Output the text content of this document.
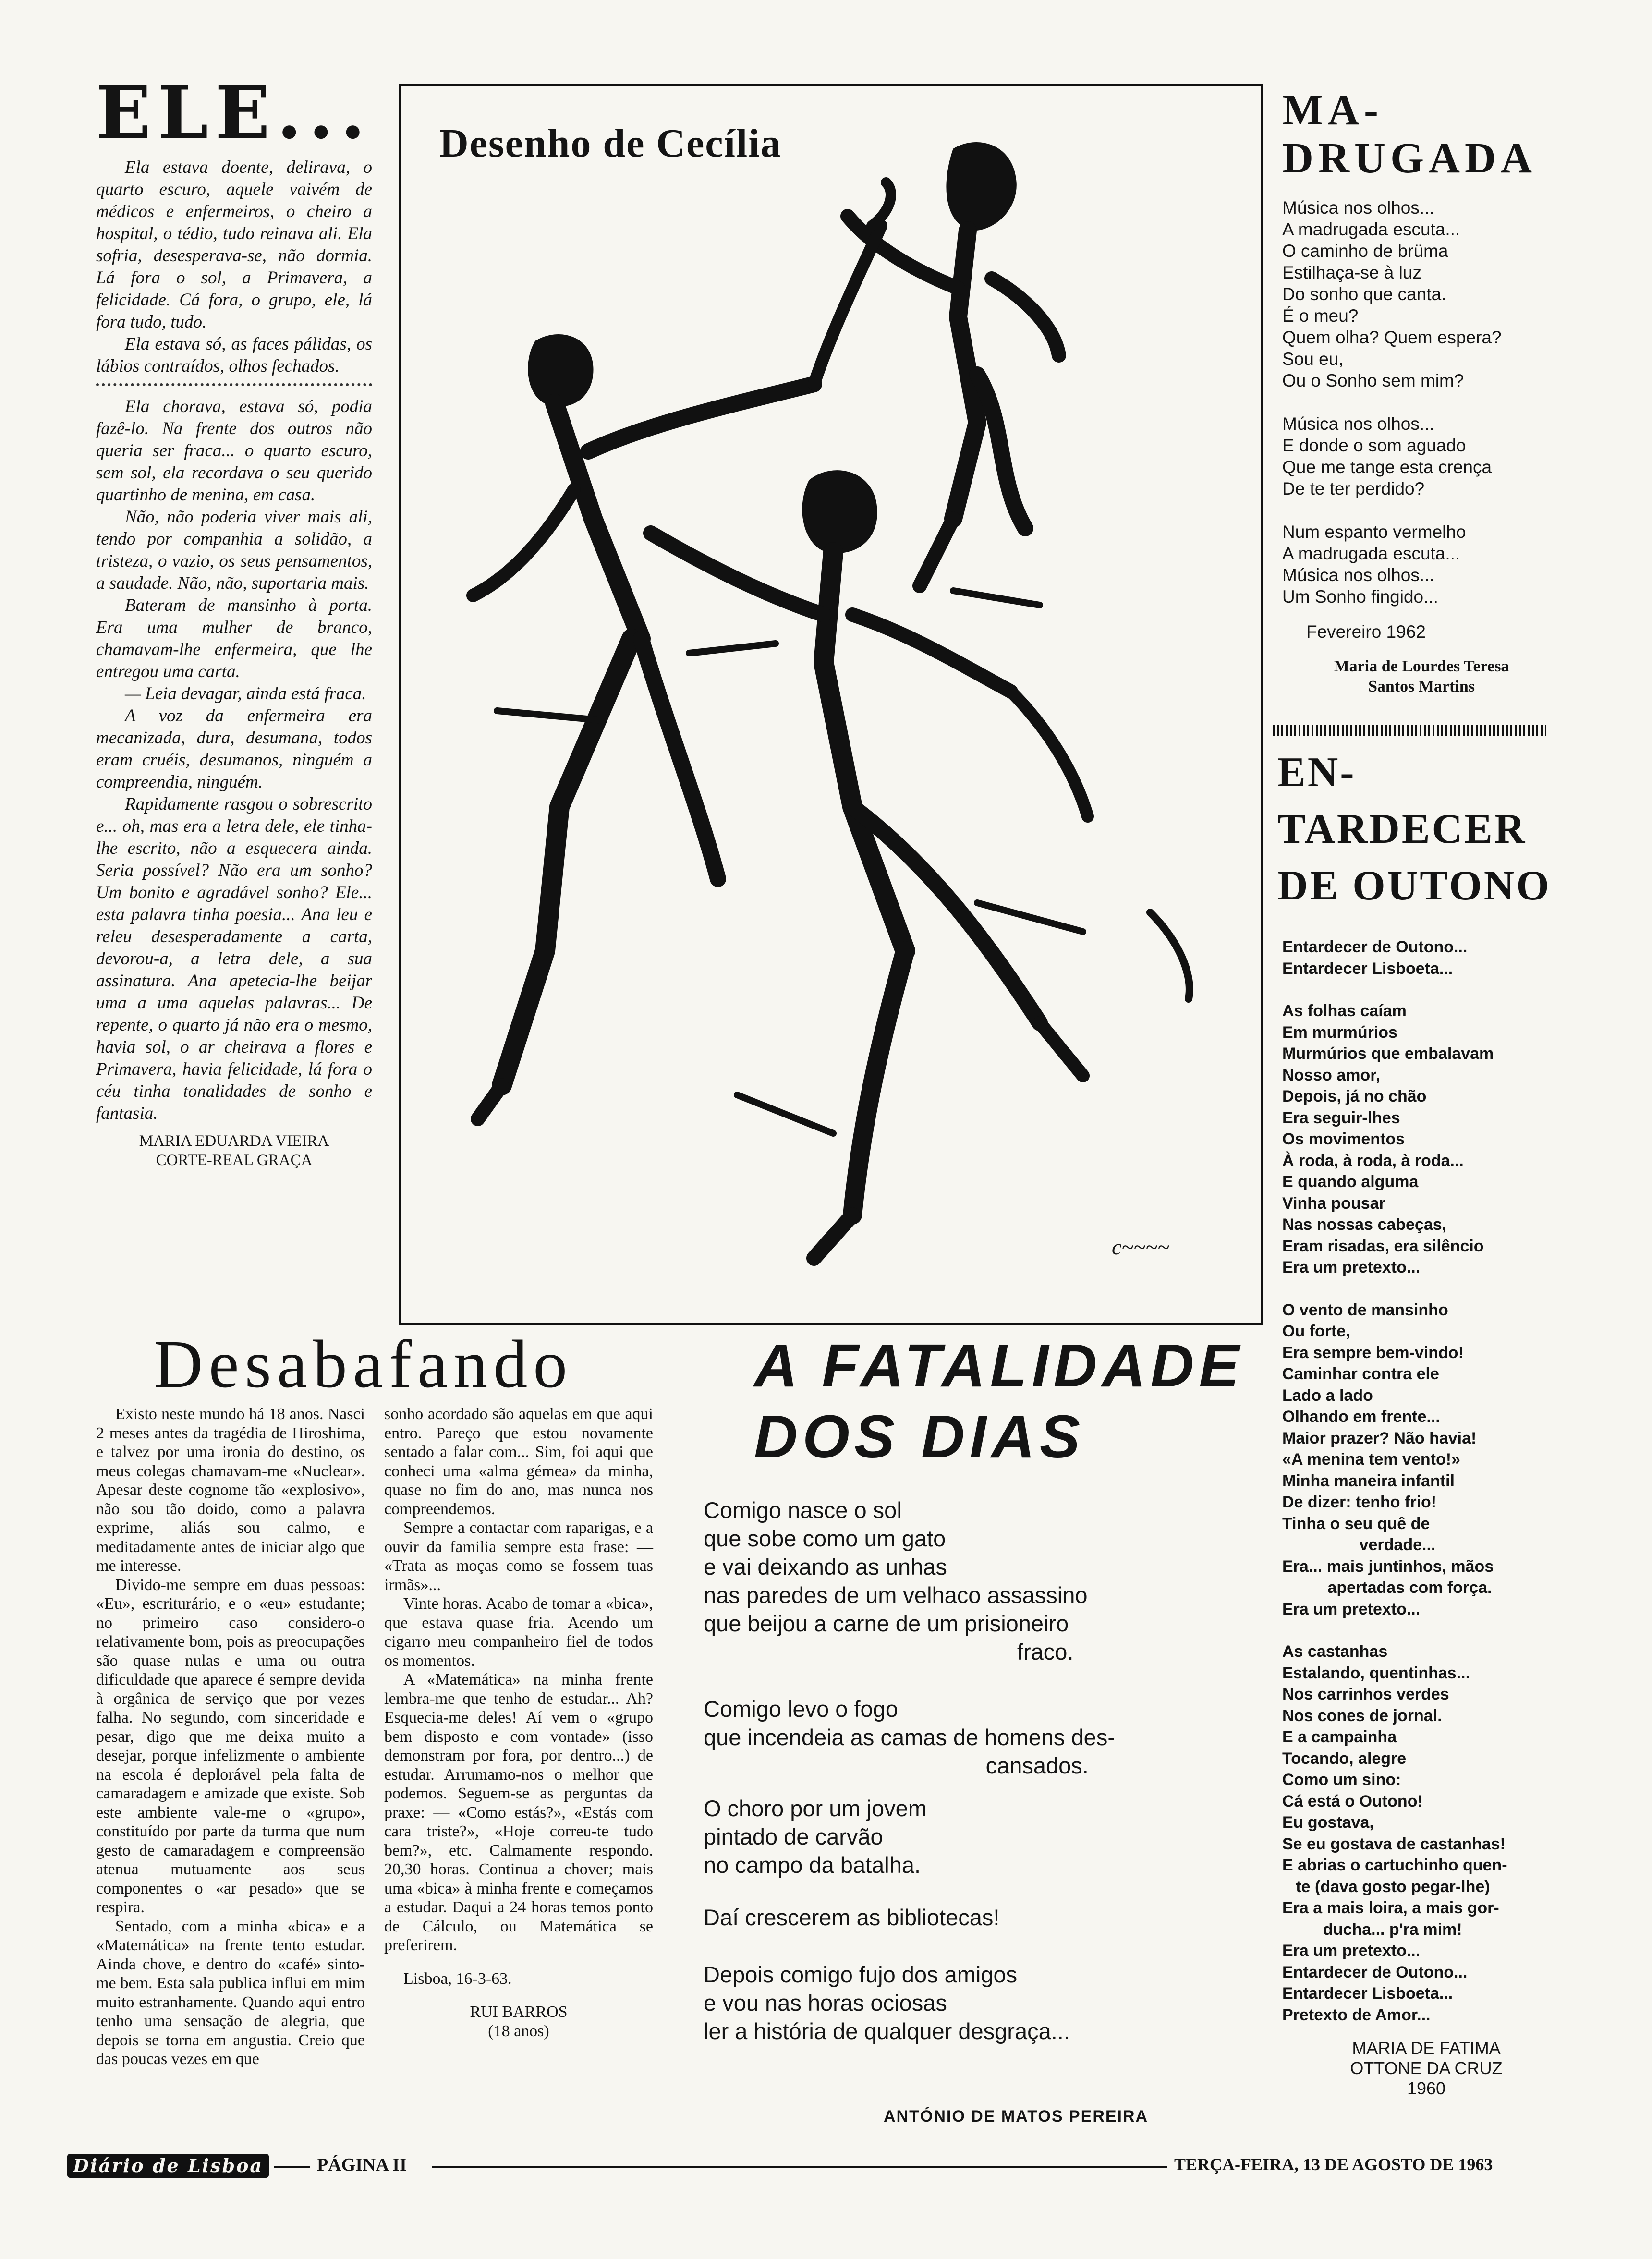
ELE...

Ela estava doente, delirava, o quarto escuro, aquele vaivém de médicos e enfermeiros, o cheiro a hospital, o tédio, tudo reinava ali. Ela sofria, desesperava-se, não dormia. Lá fora o sol, a Primavera, a felicidade. Cá fora, o grupo, ele, lá fora tudo, tudo.

Ela estava só, as faces pálidas, os lábios contraídos, olhos fechados.

Ela chorava, estava só, podia fazê-lo. Na frente dos outros não queria ser fraca... o quarto escuro, sem sol, ela recordava o seu querido quartinho de menina, em casa.

Não, não poderia viver mais ali, tendo por companhia a solidão, a tristeza, o vazio, os seus pensamentos, a saudade. Não, não, suportaria mais.

Bateram de mansinho à porta. Era uma mulher de branco, chamavam-lhe enfermeira, que lhe entregou uma carta.

— Leia devagar, ainda está fraca.

A voz da enfermeira era mecanizada, dura, desumana, todos eram cruéis, desumanos, ninguém a compreendia, ninguém.

Rapidamente rasgou o sobrescrito e... oh, mas era a letra dele, ele tinha-lhe escrito, não a esquecera ainda. Seria possível? Não era um sonho? Um bonito e agradável sonho? Ele... esta palavra tinha poesia... Ana leu e releu desesperadamente a carta, devorou-a, a letra dele, a sua assinatura. Ana apetecia-lhe beijar uma a uma aquelas palavras... De repente, o quarto já não era o mesmo, havia sol, o ar cheirava a flores e Primavera, havia felicidade, lá fora o céu tinha tonalidades de sonho e fantasia.

MARIA EDUARDA VIEIRA
CORTE-REAL GRAÇA
Desenho de Cecília
c~~~~
MA-
DRUGADA
Música nos olhos...
A madrugada escuta...
O caminho de brüma
Estilhaça-se à luz
Do sonho que canta.
É o meu?
Quem olha? Quem espera?
Sou eu,
Ou o Sonho sem mim?
Música nos olhos...
E donde o som aguado
Que me tange esta crença
De te ter perdido?
Num espanto vermelho
A madrugada escuta...
Música nos olhos...
Um Sonho fingido...
Fevereiro 1962
Maria de Lourdes Teresa
Santos Martins
EN-
TARDECER
DE OUTONO
Entardecer de Outono...
Entardecer Lisboeta...
As folhas caíam
Em murmúrios
Murmúrios que embalavam
Nosso amor,
Depois, já no chão
Era seguir-lhes
Os movimentos
À roda, à roda, à roda...
E quando alguma
Vinha pousar
Nas nossas cabeças,
Eram risadas, era silêncio
Era um pretexto...
O vento de mansinho
Ou forte,
Era sempre bem-vindo!
Caminhar contra ele
Lado a lado
Olhando em frente...
Maior prazer? Não havia!
«A menina tem vento!»
Minha maneira infantil
De dizer: tenho frio!
Tinha o seu quê de
verdade...
Era... mais juntinhos, mãos
apertadas com força.
Era um pretexto...
As castanhas
Estalando, quentinhas...
Nos carrinhos verdes
Nos cones de jornal.
E a campainha
Tocando, alegre
Como um sino:
Cá está o Outono!
Eu gostava,
Se eu gostava de castanhas!
E abrias o cartuchinho quen-
te (dava gosto pegar-lhe)
Era a mais loira, a mais gor-
ducha... p'ra mim!
Era um pretexto...
Entardecer de Outono...
Entardecer Lisboeta...
Pretexto de Amor...
MARIA DE FATIMA
OTTONE DA CRUZ
1960
Desabafando

Existo neste mundo há 18 anos. Nasci 2 meses antes da tragédia de Hiroshima, e talvez por uma ironia do destino, os meus colegas chamavam-me «Nuclear». Apesar deste cognome tão «explosivo», não sou tão doido, como a palavra exprime, aliás sou calmo, e meditadamente antes de iniciar algo que me interesse.

Divido-me sempre em duas pessoas: «Eu», escriturário, e o «eu» estudante; no primeiro caso considero-o relativamente bom, pois as preocupações são quase nulas e uma ou outra dificuldade que aparece é sempre devida à orgânica de serviço que por vezes falha. No segundo, com sinceridade e pesar, digo que me deixa muito a desejar, porque infelizmente o ambiente na escola é deplorável pela falta de camaradagem e amizade que existe. Sob este ambiente vale-me o «grupo», constituído por parte da turma que num gesto de camaradagem e compreensão atenua mutuamente aos seus componentes o «ar pesado» que se respira.

Sentado, com a minha «bica» e a «Matemática» na frente tento estudar. Ainda chove, e dentro do «café» sinto-me bem. Esta sala publica influi em mim muito estranhamente. Quando aqui entro tenho uma sensação de alegria, que depois se torna em angustia. Creio que das poucas vezes em que

sonho acordado são aquelas em que aqui entro. Pareço que estou novamente sentado a falar com... Sim, foi aqui que conheci uma «alma gémea» da minha, quase no fim do ano, mas nunca nos compreendemos.

Sempre a contactar com raparigas, e a ouvir da familia sempre esta frase: — «Trata as moças como se fossem tuas irmãs»...

Vinte horas. Acabo de tomar a «bica», que estava quase fria. Acendo um cigarro meu companheiro fiel de todos os momentos.

A «Matemática» na minha frente lembra-me que tenho de estudar... Ah? Esquecia-me deles! Aí vem o «grupo bem disposto e com vontade» (isso demonstram por fora, por dentro...) de estudar. Arrumamo-nos o melhor que podemos. Seguem-se as perguntas da praxe: — «Como estás?», «Estás com cara triste?», «Hoje correu-te tudo bem?», etc. Calmamente respondo. 20,30 horas. Continua a chover; mais uma «bica» à minha frente e começamos a estudar. Daqui a 24 horas temos ponto de Cálculo, ou Matemática se preferirem.

Lisboa, 16-3-63.
RUI BARROS
(18 anos)
A FATALIDADE
DOS DIAS
Comigo nasce o sol
que sobe como um gato
e vai deixando as unhas
nas paredes de um velhaco assassino
que beijou a carne de um prisioneiro
fraco.
Comigo levo o fogo
que incendeia as camas de homens des-
cansados.
O choro por um jovem
pintado de carvão
no campo da batalha.
Daí crescerem as bibliotecas!
Depois comigo fujo dos amigos
e vou nas horas ociosas
ler a história de qualquer desgraça...
ANTÓNIO DE MATOS PEREIRA
Diário de Lisboa	PÁGINA II	TERÇA-FEIRA, 13 DE AGOSTO DE 1963
